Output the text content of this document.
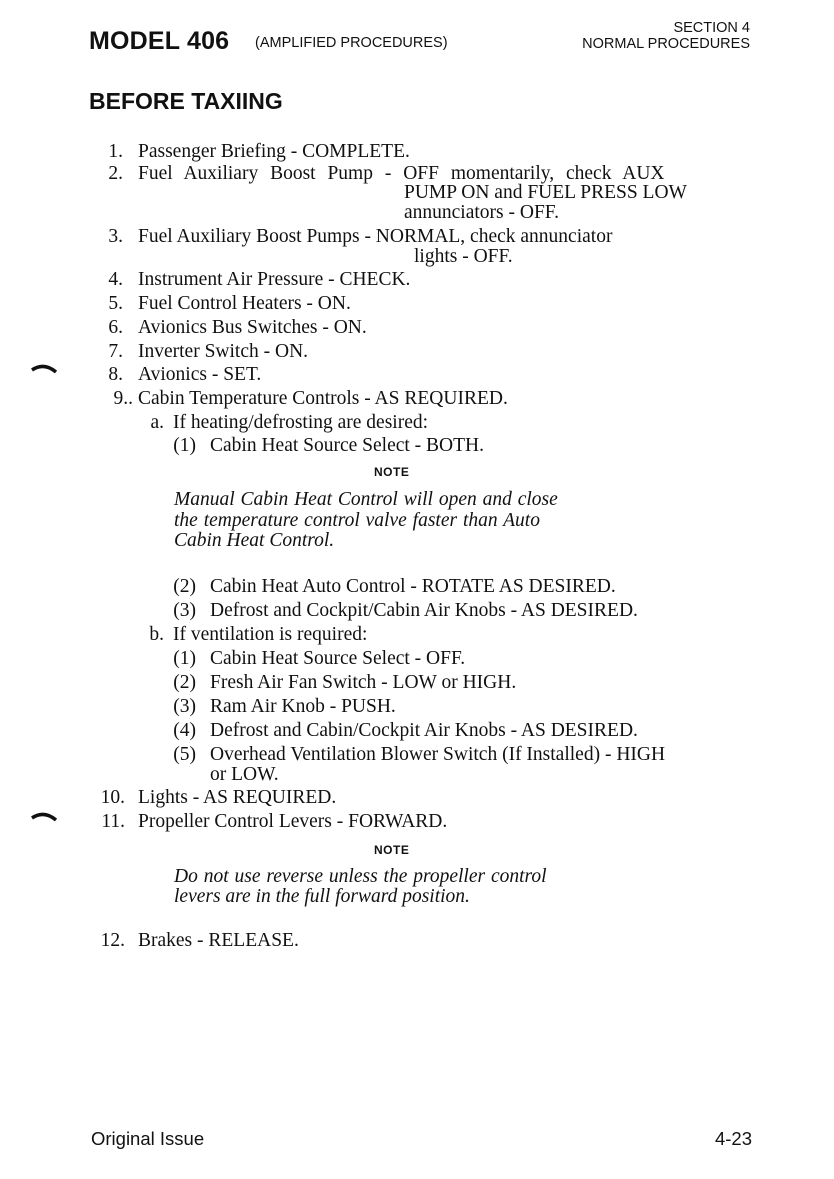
MODEL 406 (AMPLIFIED PROCEDURES)
SECTION 4
NORMAL PROCEDURES
BEFORE TAXIING
1. Passenger Briefing - COMPLETE.
2. Fuel Auxiliary Boost Pump - OFF momentarily, check AUX
PUMP ON and FUEL PRESS LOW
annunciators - OFF.
3. Fuel Auxiliary Boost Pumps - NORMAL, check annunciator
lights - OFF.
4. Instrument Air Pressure - CHECK.
5. Fuel Control Heaters - ON.
6. Avionics Bus Switches - ON.
7. Inverter Switch - ON.
8. Avionics - SET.
9.. Cabin Temperature Controls - AS REQUIRED.
a. If heating/defrosting are desired:
(1) Cabin Heat Source Select - BOTH.
NOTE
Manual Cabin Heat Control will open and close
the temperature control valve faster than Auto
Cabin Heat Control.
(2) Cabin Heat Auto Control - ROTATE AS DESIRED.
(3) Defrost and Cockpit/Cabin Air Knobs - AS DESIRED.
b. If ventilation is required:
(1) Cabin Heat Source Select - OFF.
(2) Fresh Air Fan Switch - LOW or HIGH.
(3) Ram Air Knob - PUSH.
(4) Defrost and Cabin/Cockpit Air Knobs - AS DESIRED.
(5) Overhead Ventilation Blower Switch (If Installed) - HIGH
or LOW.
10. Lights - AS REQUIRED.
11. Propeller Control Levers - FORWARD.
NOTE
Do not use reverse unless the propeller control
levers are in the full forward position.
12. Brakes - RELEASE.
Original Issue	4-23
